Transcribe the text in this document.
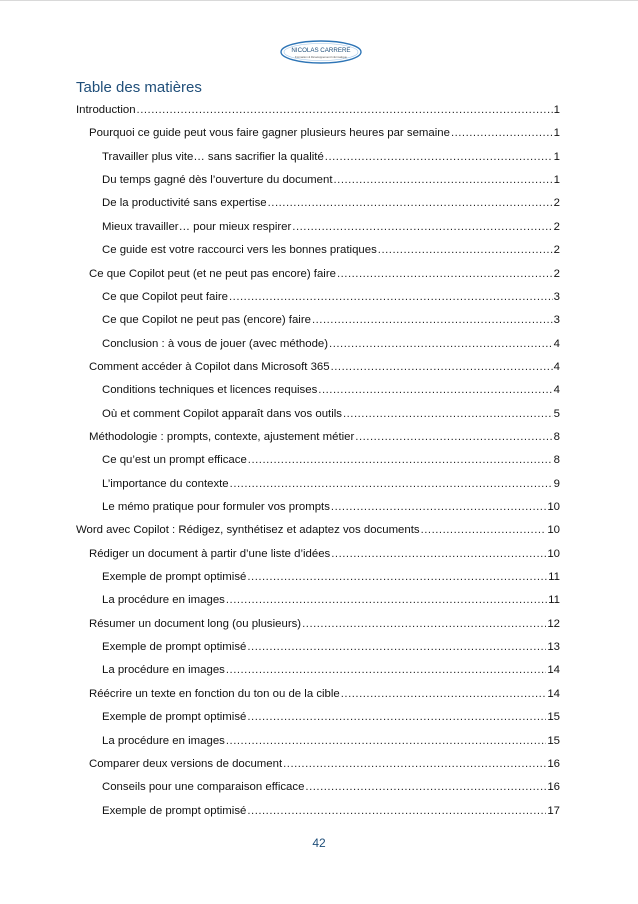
NICOLAS CARRERE
Formation & Développement Informatique
Table des matières
Introduction .....	1
Pourquoi ce guide peut vous faire gagner plusieurs heures par semaine .....	1
Travailler plus vite… sans sacrifier la qualité .....	1
Du temps gagné dès l’ouverture du document .....	1
De la productivité sans expertise .....	2
Mieux travailler… pour mieux respirer .....	2
Ce guide est votre raccourci vers les bonnes pratiques .....	2
Ce que Copilot peut (et ne peut pas encore) faire .....	2
Ce que Copilot peut faire .....	3
Ce que Copilot ne peut pas (encore) faire .....	3
Conclusion : à vous de jouer (avec méthode) .....	4
Comment accéder à Copilot dans Microsoft 365 .....	4
Conditions techniques et licences requises .....	4
Où et comment Copilot apparaît dans vos outils .....	5
Méthodologie : prompts, contexte, ajustement métier .....	8
Ce qu’est un prompt efficace .....	8
L’importance du contexte .....	9
Le mémo pratique pour formuler vos prompts .....	10
Word avec Copilot : Rédigez, synthétisez et adaptez vos documents .....	10
Rédiger un document à partir d’une liste d’idées .....	10
Exemple de prompt optimisé .....	11
La procédure en images .....	11
Résumer un document long (ou plusieurs) .....	12
Exemple de prompt optimisé .....	13
La procédure en images .....	14
Réécrire un texte en fonction du ton ou de la cible .....	14
Exemple de prompt optimisé .....	15
La procédure en images .....	15
Comparer deux versions de document .....	16
Conseils pour une comparaison efficace .....	16
Exemple de prompt optimisé .....	17
42
